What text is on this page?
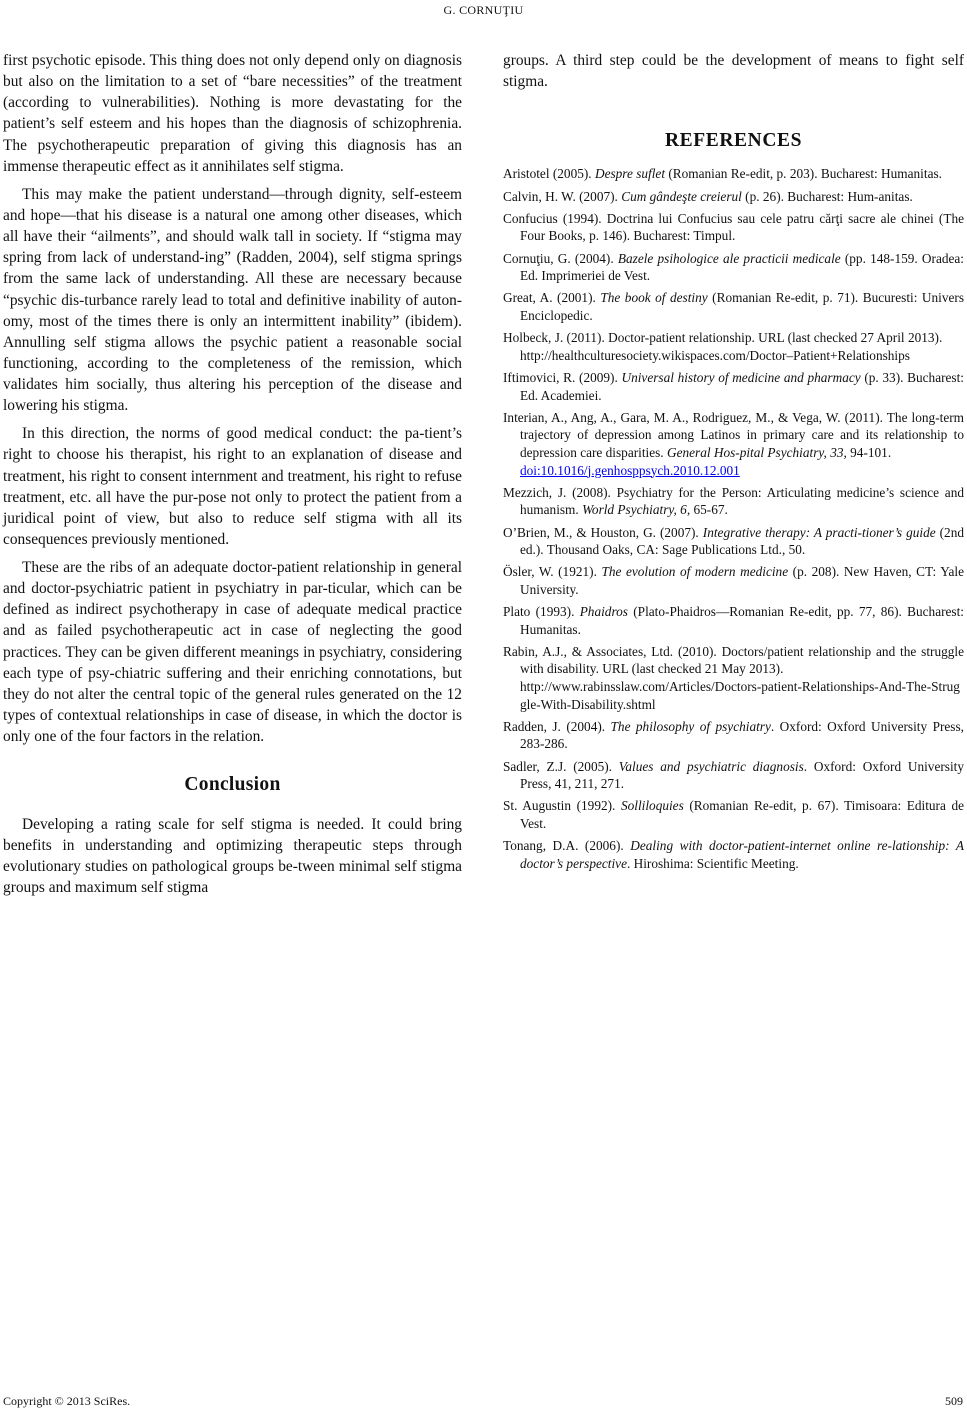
G. CORNUŢIU

first psychotic episode. This thing does not only depend only on diagnosis but also on the limitation to a set of “bare necessities” of the treatment (according to vulnerabilities). Nothing is more devastating for the patient’s self esteem and his hopes than the diagnosis of schizophrenia. The psychotherapeutic preparation of giving this diagnosis has an immense therapeutic effect as it annihilates self stigma.

This may make the patient understand—through dignity, self-esteem and hope—that his disease is a natural one among other diseases, which all have their “ailments”, and should walk tall in society. If “stigma may spring from lack of understand-ing” (Radden, 2004), self stigma springs from the same lack of understanding. All these are necessary because “psychic dis-turbance rarely lead to total and definitive inability of auton-omy, most of the times there is only an intermittent inability” (ibidem). Annulling self stigma allows the psychic patient a reasonable social functioning, according to the completeness of the remission, which validates him socially, thus altering his perception of the disease and lowering his stigma.

In this direction, the norms of good medical conduct: the pa-tient’s right to choose his therapist, his right to an explanation of disease and treatment, his right to consent internment and treatment, his right to refuse treatment, etc. all have the pur-pose not only to protect the patient from a juridical point of view, but also to reduce self stigma with all its consequences previously mentioned.

These are the ribs of an adequate doctor-patient relationship in general and doctor-psychiatric patient in psychiatry in par-ticular, which can be defined as indirect psychotherapy in case of adequate medical practice and as failed psychotherapeutic act in case of neglecting the good practices. They can be given different meanings in psychiatry, considering each type of psy-chiatric suffering and their enriching connotations, but they do not alter the central topic of the general rules generated on the 12 types of contextual relationships in case of disease, in which the doctor is only one of the four factors in the relation.

Conclusion

Developing a rating scale for self stigma is needed. It could bring benefits in understanding and optimizing therapeutic steps through evolutionary studies on pathological groups be-tween minimal self stigma groups and maximum self stigma

groups. A third step could be the development of means to fight self stigma.

REFERENCES
Aristotel (2005). Despre suflet (Romanian Re-edit, p. 203). Bucharest: Humanitas.
Calvin, H. W. (2007). Cum gândeşte creierul (p. 26). Bucharest: Hum-anitas.
Confucius (1994). Doctrina lui Confucius sau cele patru cărţi sacre ale chinei (The Four Books, p. 146). Bucharest: Timpul.
Cornuţiu, G. (2004). Bazele psihologice ale practicii medicale (pp. 148-159. Oradea: Ed. Imprimeriei de Vest.
Great, A. (2001). The book of destiny (Romanian Re-edit, p. 71). Bucuresti: Univers Enciclopedic.
Holbeck, J. (2011). Doctor-patient relationship. URL (last checked 27 April 2013).
http://healthculturesociety.wikispaces.com/Doctor–Patient+Relationships
Iftimovici, R. (2009). Universal history of medicine and pharmacy (p. 33). Bucharest: Ed. Academiei.
Interian, A., Ang, A., Gara, M. A., Rodriguez, M., & Vega, W. (2011). The long-term trajectory of depression among Latinos in primary care and its relationship to depression care disparities. General Hos-pital Psychiatry, 33, 94-101.
doi:10.1016/j.genhosppsych.2010.12.001
Mezzich, J. (2008). Psychiatry for the Person: Articulating medicine’s science and humanism. World Psychiatry, 6, 65-67.
O’Brien, M., & Houston, G. (2007). Integrative therapy: A practi-tioner’s guide (2nd ed.). Thousand Oaks, CA: Sage Publications Ltd., 50.
Ösler, W. (1921). The evolution of modern medicine (p. 208). New Haven, CT: Yale University.
Plato (1993). Phaidros (Plato-Phaidros—Romanian Re-edit, pp. 77, 86). Bucharest: Humanitas.
Rabin, A.J., & Associates, Ltd. (2010). Doctors/patient relationship and the struggle with disability. URL (last checked 21 May 2013).
http://www.rabinsslaw.com/Articles/Doctors-patient-Relationships-And-The-Struggle-With-Disability.shtml
Radden, J. (2004). The philosophy of psychiatry. Oxford: Oxford University Press, 283-286.
Sadler, Z.J. (2005). Values and psychiatric diagnosis. Oxford: Oxford University Press, 41, 211, 271.
St. Augustin (1992). Solliloquies (Romanian Re-edit, p. 67). Timisoara: Editura de Vest.
Tonang, D.A. (2006). Dealing with doctor-patient-internet online re-lationship: A doctor’s perspective. Hiroshima: Scientific Meeting.
Copyright © 2013 SciRes.	509
